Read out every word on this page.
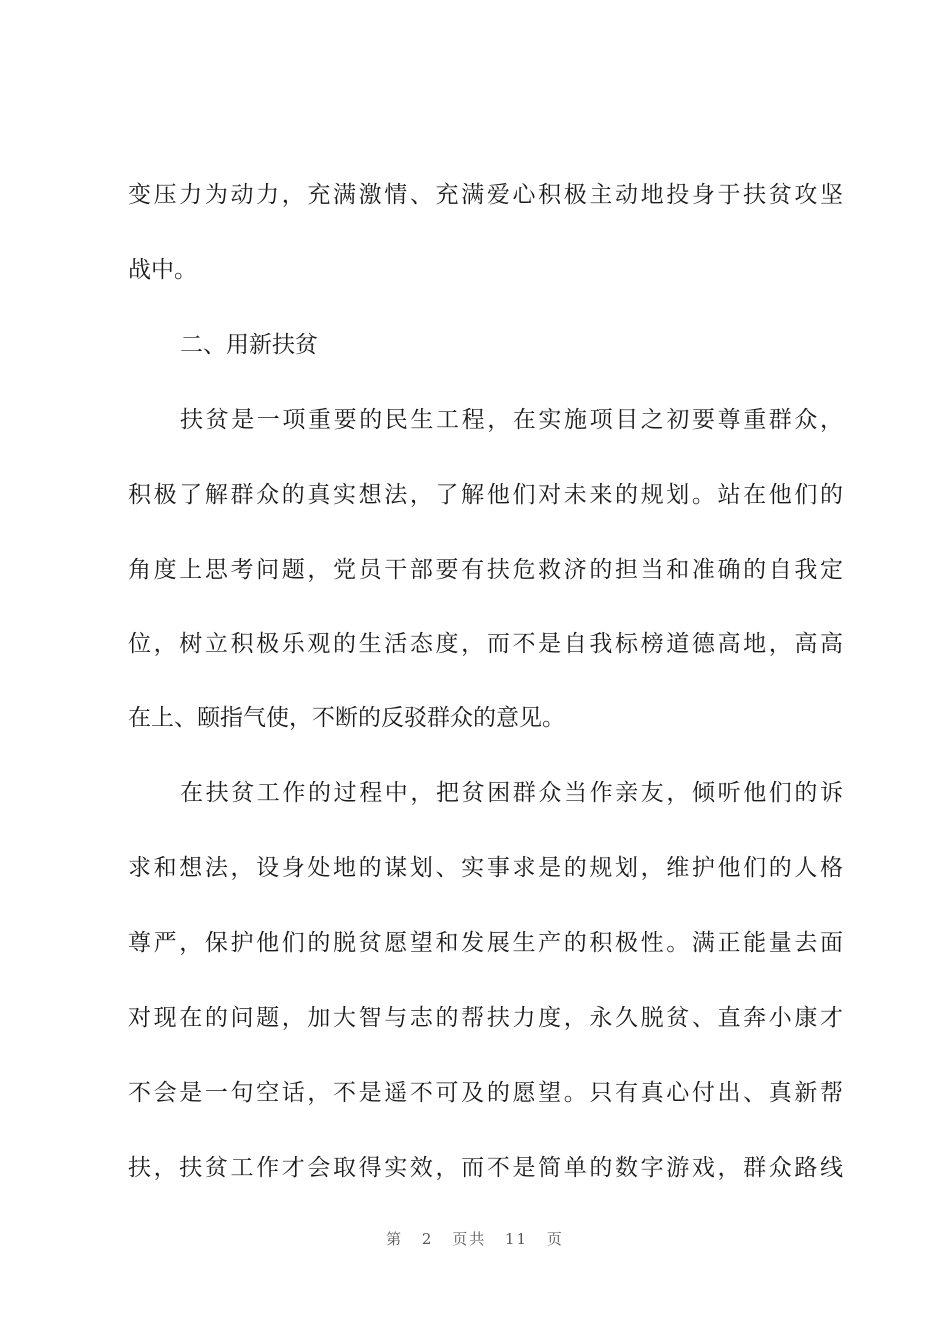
变压力为动力，充满激情、充满爱心积极主动地投身于扶贫攻坚
战中。
二、用新扶贫
扶贫是一项重要的民生工程，在实施项目之初要尊重群众，
积极了解群众的真实想法，了解他们对未来的规划。站在他们的
角度上思考问题，党员干部要有扶危救济的担当和准确的自我定
位，树立积极乐观的生活态度，而不是自我标榜道德高地，高高
在上、颐指气使，不断的反驳群众的意见。
在扶贫工作的过程中，把贫困群众当作亲友，倾听他们的诉
求和想法，设身处地的谋划、实事求是的规划，维护他们的人格
尊严，保护他们的脱贫愿望和发展生产的积极性。满正能量去面
对现在的问题，加大智与志的帮扶力度，永久脱贫、直奔小康才
不会是一句空话，不是遥不可及的愿望。只有真心付出、真新帮
扶，扶贫工作才会取得实效，而不是简单的数字游戏，群众路线
第 2 页共 11 页
